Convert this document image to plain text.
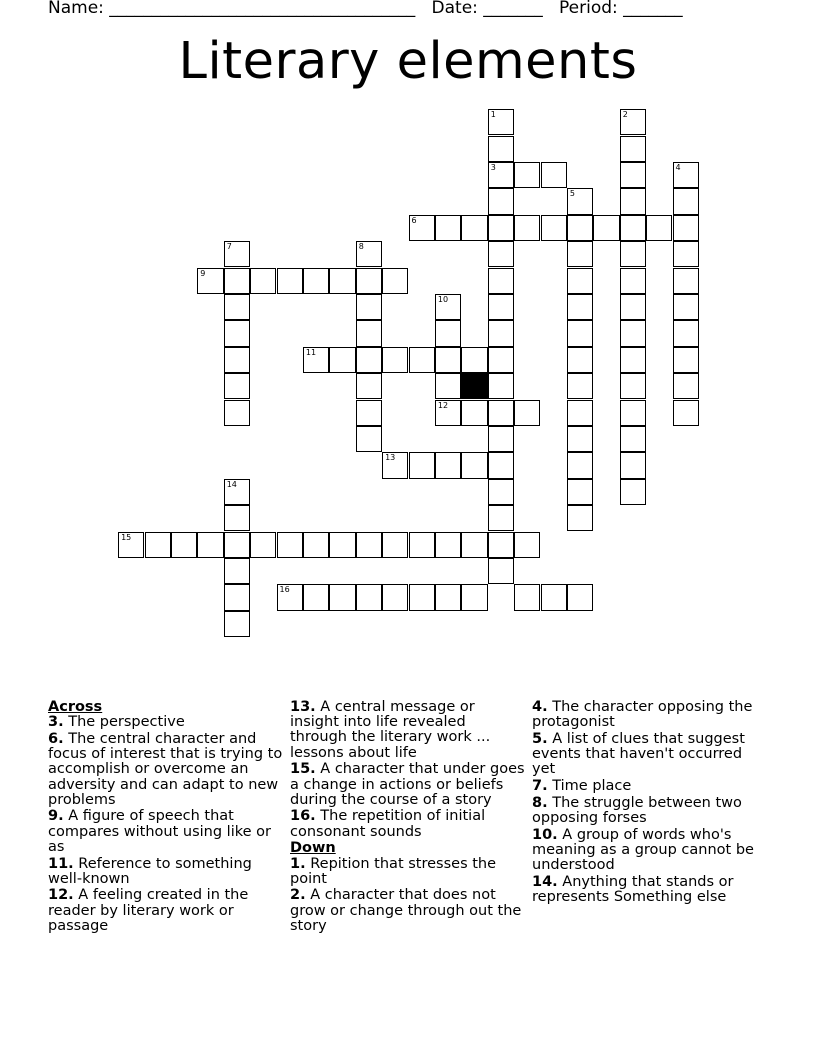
Name: ____________________________________ Date: _______ Period: _______
Literary elements
1
3
2
4
5
6
7	8
9
10
12
11
13
14
15
16
Across
3. The perspective
6. The central character and focus of interest that is trying to accomplish or overcome an adversity and can adapt to new problems
9. A figure of speech that compares without using like or as
11. Reference to something well-known
12. A feeling created in the reader by literary work or passage
13. A central message or insight into life revealed through the literary work ... lessons about life
15. A character that under goes a change in actions or beliefs during the course of a story
16. The repetition of initial consonant sounds
Down
1. Repition that stresses the point
2. A character that does not grow or change through out the story
4. The character opposing the protagonist
5. A list of clues that suggest events that haven't occurred yet
7. Time place
8. The struggle between two opposing forses
10. A group of words who's meaning as a group cannot be understood
14. Anything that stands or represents Something else
